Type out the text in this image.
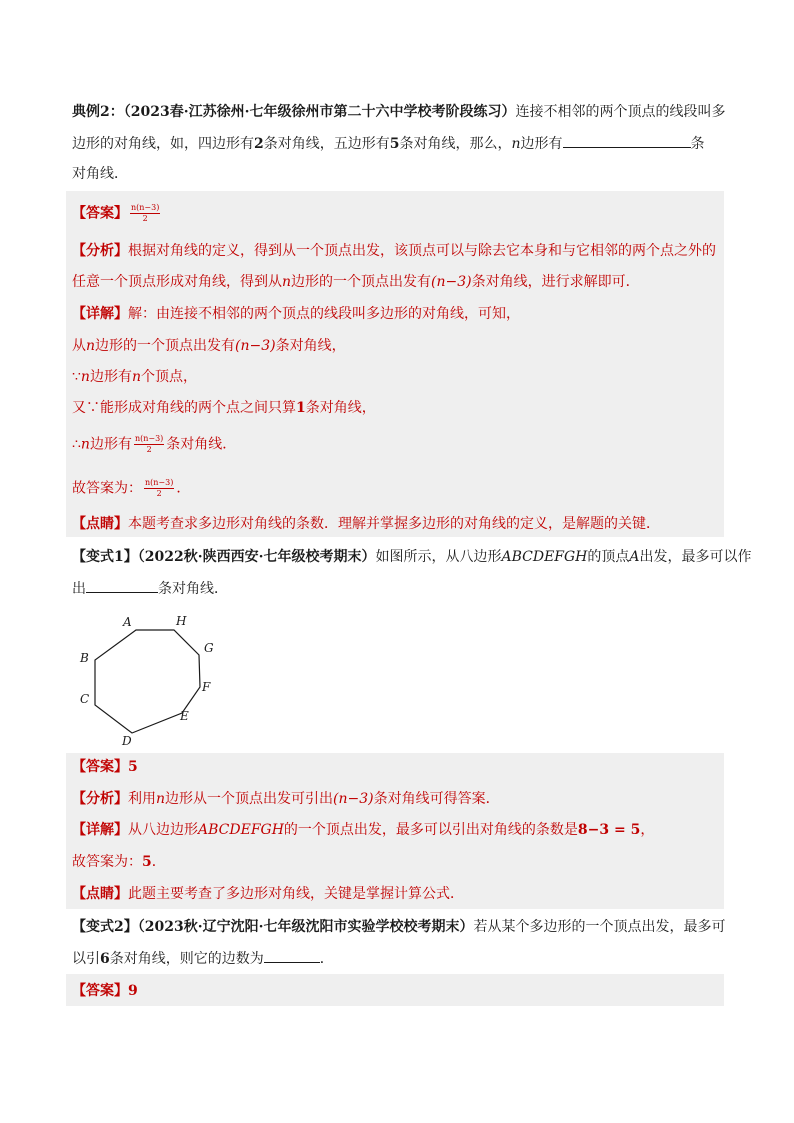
典例2：（2023春·江苏徐州·七年级徐州市第二十六中学校考阶段练习）连接不相邻的两个顶点的线段叫多
边形的对角线，如，四边形有2条对角线，五边形有5条对角线，那么，n边形有	条
对角线．
【答案】 $\frac{n(n-3)}{2}$
【分析】根据对角线的定义，得到从一个顶点出发，该顶点可以与除去它本身和与它相邻的两个点之外的
任意一个顶点形成对角线，得到从n边形的一个顶点出发有(n−3)条对角线，进行求解即可．
【详解】解：由连接不相邻的两个顶点的线段叫多边形的对角线，可知，
从n边形的一个顶点出发有(n−3)条对角线，
∵n边形有n个顶点，
又∵能形成对角线的两个点之间只算1条对角线，
∴n边形有 $\frac{n(n-3)}{2}$ 条对角线．
故答案为： $\frac{n(n-3)}{2}$ ．
【点睛】本题考查求多边形对角线的条数．理解并掌握多边形的对角线的定义，是解题的关键．
【变式1】（2022秋·陕西西安·七年级校考期末）如图所示，从八边形ABCDEFGH的顶点A出发，最多可以作
出	条对角线．
A	H
G
F
E
D
C
B
【答案】5
【分析】利用n边形从一个顶点出发可引出(n−3)条对角线可得答案．
【详解】从八边边形ABCDEFGH的一个顶点出发，最多可以引出对角线的条数是8−3 = 5，
故答案为：5．
【点睛】此题主要考查了多边形对角线，关键是掌握计算公式．
【变式2】（2023秋·辽宁沈阳·七年级沈阳市实验学校校考期末）若从某个多边形的一个顶点出发，最多可
以引6条对角线，则它的边数为	．
【答案】9
